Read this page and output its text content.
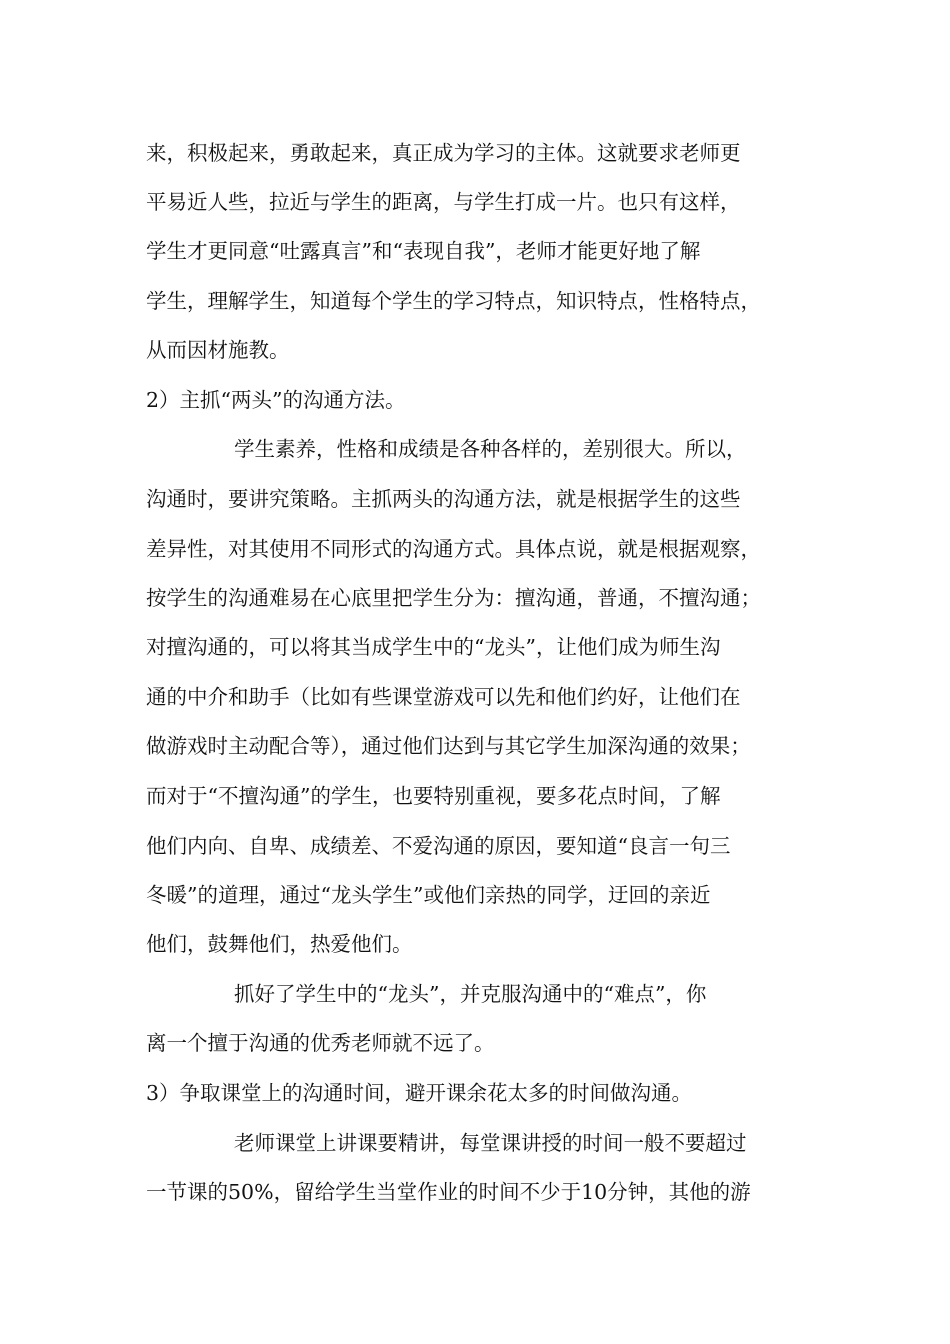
来，积极起来，勇敢起来，真正成为学习的主体。这就要求老师更
平易近人些，拉近与学生的距离，与学生打成一片。也只有这样，
学生才更同意“吐露真言”和“表现自我”，老师才能更好地了解
学生，理解学生，知道每个学生的学习特点，知识特点，性格特点，
从而因材施教。
2）主抓“两头”的沟通方法。
学生素养，性格和成绩是各种各样的，差别很大。所以，
沟通时，要讲究策略。主抓两头的沟通方法，就是根据学生的这些
差异性，对其使用不同形式的沟通方式。具体点说，就是根据观察，
按学生的沟通难易在心底里把学生分为：擅沟通，普通，不擅沟通；
对擅沟通的，可以将其当成学生中的“龙头”，让他们成为师生沟
通的中介和助手（比如有些课堂游戏可以先和他们约好，让他们在
做游戏时主动配合等），通过他们达到与其它学生加深沟通的效果；
而对于“不擅沟通”的学生，也要特别重视，要多花点时间，了解
他们内向、自卑、成绩差、不爱沟通的原因，要知道“良言一句三
冬暖”的道理，通过“龙头学生”或他们亲热的同学，迂回的亲近
他们，鼓舞他们，热爱他们。
抓好了学生中的“龙头”，并克服沟通中的“难点”，你
离一个擅于沟通的优秀老师就不远了。
3）争取课堂上的沟通时间，避开课余花太多的时间做沟通。
老师课堂上讲课要精讲，每堂课讲授的时间一般不要超过
一节课的50%，留给学生当堂作业的时间不少于10分钟，其他的游
